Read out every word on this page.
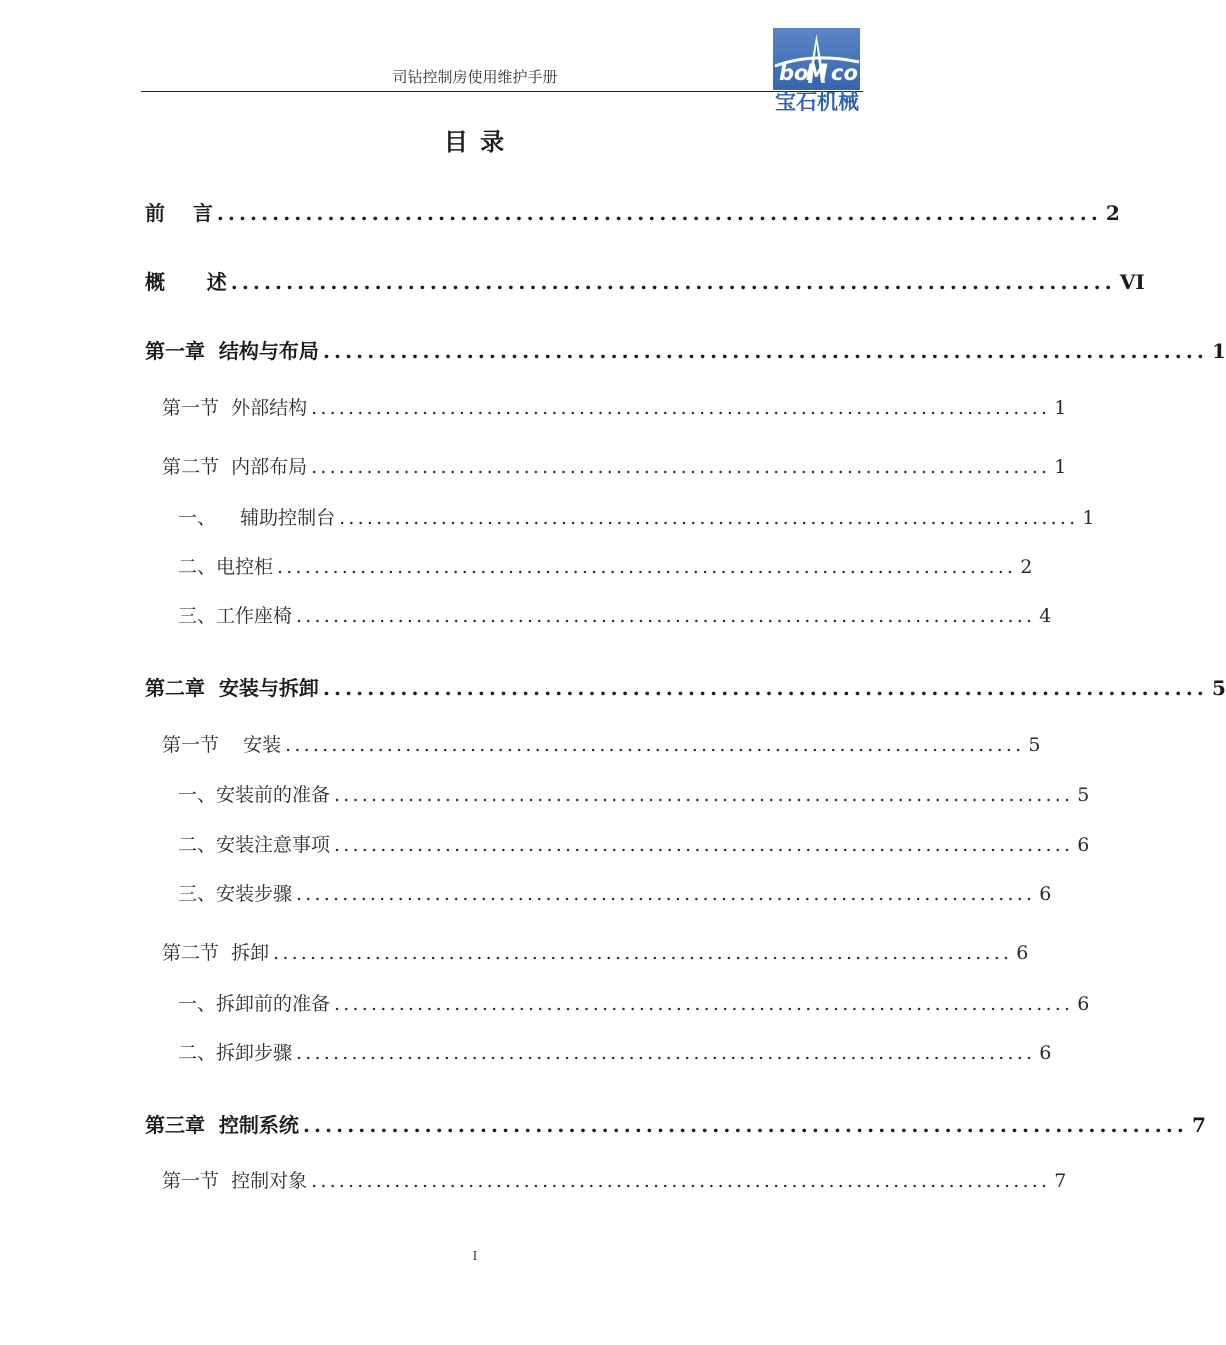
司钻控制房使用维护手册	bo
M co
宝石机械
目 录
前    言 ................................................................................ 2
概      述 ................................................................................ VI
第一章  结构与布局 ................................................................................ 1
第一节  外部结构 ................................................................................ 1
第二节  内部布局 ................................................................................ 1
一、    辅助控制台 ................................................................................ 1
二、电控柜 ................................................................................ 2
三、工作座椅 ................................................................................ 4
第二章  安装与拆卸 ................................................................................ 5
第一节    安装 ................................................................................ 5
一、安装前的准备 ................................................................................ 5
二、安装注意事项 ................................................................................ 6
三、安装步骤 ................................................................................ 6
第二节  拆卸 ................................................................................ 6
一、拆卸前的准备 ................................................................................ 6
二、拆卸步骤 ................................................................................ 6
第三章  控制系统 ................................................................................ 7
第一节  控制对象 ................................................................................ 7
I
